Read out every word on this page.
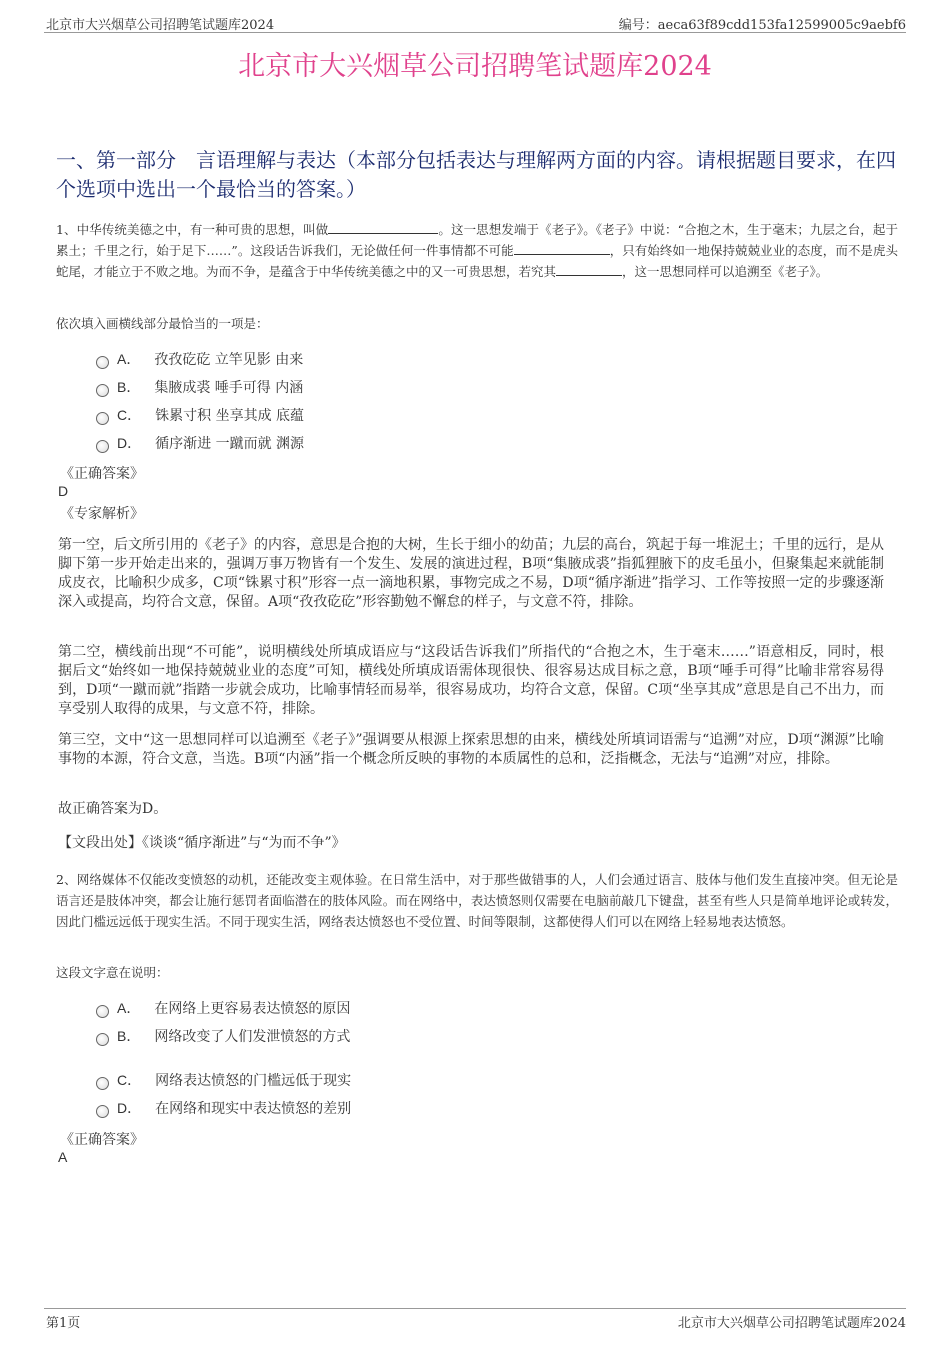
北京市大兴烟草公司招聘笔试题库2024	编号：aeca63f89cdd153fa12599005c9aebf6
北京市大兴烟草公司招聘笔试题库2024
一、第一部分　言语理解与表达（本部分包括表达与理解两方面的内容。请根据题目要求，在四个选项中选出一个最恰当的答案。）
1、中华传统美德之中，有一种可贵的思想，叫做	。这一思想发端于《老子》。《老子》中说：“合抱之木，生于毫末；九层之台，起于累土；千里之行，始于足下……”。这段话告诉我们，无论做任何一件事情都不可能	，只有始终如一地保持兢兢业业的态度，而不是虎头蛇尾，才能立于不败之地。为而不争，是蕴含于中华传统美德之中的又一可贵思想，若究其	，这一思想同样可以追溯至《老子》。
依次填入画横线部分最恰当的一项是：
A． 孜孜矻矻 立竿见影 由来
B． 集腋成裘 唾手可得 内涵
C． 铢累寸积 坐享其成 底蕴
D． 循序渐进 一蹴而就 渊源
《正确答案》
D
《专家解析》
第一空，后文所引用的《老子》的内容，意思是合抱的大树，生长于细小的幼苗；九层的高台，筑起于每一堆泥土；千里的远行，是从脚下第一步开始走出来的，强调万事万物皆有一个发生、发展的演进过程，B项“集腋成裘”指狐狸腋下的皮毛虽小，但聚集起来就能制成皮衣，比喻积少成多，C项“铢累寸积”形容一点一滴地积累，事物完成之不易，D项“循序渐进”指学习、工作等按照一定的步骤逐渐深入或提高，均符合文意，保留。A项“孜孜矻矻”形容勤勉不懈怠的样子，与文意不符，排除。
第二空，横线前出现“不可能”，说明横线处所填成语应与“这段话告诉我们”所指代的“合抱之木，生于毫末……”语意相反，同时，根据后文“始终如一地保持兢兢业业的态度”可知，横线处所填成语需体现很快、很容易达成目标之意，B项“唾手可得”比喻非常容易得到，D项“一蹴而就”指踏一步就会成功，比喻事情轻而易举，很容易成功，均符合文意，保留。C项“坐享其成”意思是自己不出力，而享受别人取得的成果，与文意不符，排除。
第三空，文中“这一思想同样可以追溯至《老子》”强调要从根源上探索思想的由来，横线处所填词语需与“追溯”对应，D项“渊源”比喻事物的本源，符合文意，当选。B项“内涵”指一个概念所反映的事物的本质属性的总和，泛指概念，无法与“追溯”对应，排除。
故正确答案为D。
【文段出处】《谈谈“循序渐进”与“为而不争”》
2、网络媒体不仅能改变愤怒的动机，还能改变主观体验。在日常生活中，对于那些做错事的人，人们会通过语言、肢体与他们发生直接冲突。但无论是语言还是肢体冲突，都会让施行惩罚者面临潜在的肢体风险。而在网络中，表达愤怒则仅需要在电脑前敲几下键盘，甚至有些人只是简单地评论或转发，因此门槛远远低于现实生活。不同于现实生活，网络表达愤怒也不受位置、时间等限制，这都使得人们可以在网络上轻易地表达愤怒。
这段文字意在说明：
A． 在网络上更容易表达愤怒的原因
B． 网络改变了人们发泄愤怒的方式
C． 网络表达愤怒的门槛远低于现实
D． 在网络和现实中表达愤怒的差别
《正确答案》
A
第1页	北京市大兴烟草公司招聘笔试题库2024
